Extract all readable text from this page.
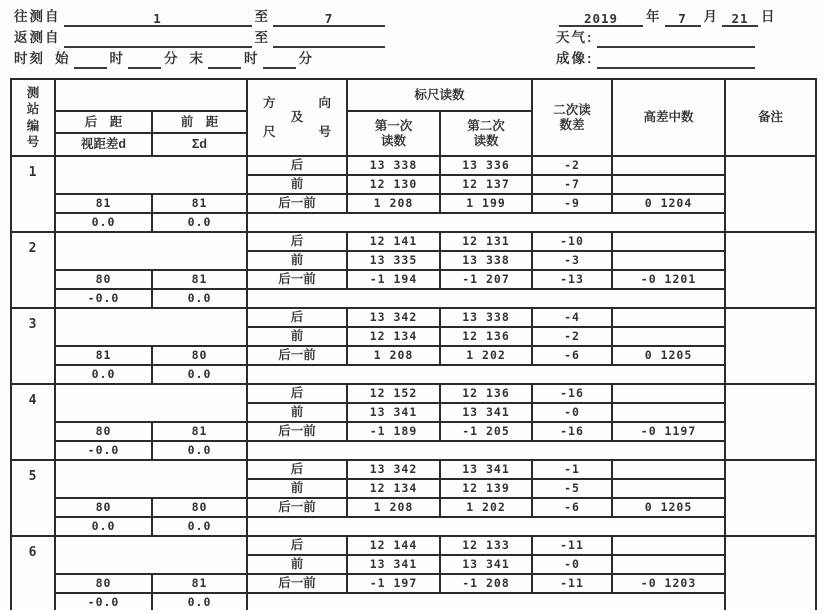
往测自	1	至	7
返测自	至
时刻 始	时	分 末	时	分
2019 年 7 月 21 日
天气:
成像:
测站编号			方 向
及
尺 号	标尺读数		二次读数差	高差中数	备注
	后　距	前　距		第一次读数	第二次读数			

	视距差d	Σd						
1			后	13 338	13 336	-2		
			前	12 130	12 137	-7		
	81	81	后一前	1 208	1 199	-9	0 1204	
	0.0	0.0						
2			后	12 141	12 131	-10		
			前	13 335	13 338	-3		
	80	81	后一前	-1 194	-1 207	-13	-0 1201	
	-0.0	0.0						
3			后	13 342	13 338	-4		
			前	12 134	12 136	-2		
	81	80	后一前	1 208	1 202	-6	0 1205	
	0.0	0.0						
4			后	12 152	12 136	-16		
			前	13 341	13 341	-0		
	80	81	后一前	-1 189	-1 205	-16	-0 1197	
	-0.0	0.0						
5			后	13 342	13 341	-1		
			前	12 134	12 139	-5		
	80	80	后一前	1 208	1 202	-6	0 1205	
	0.0	0.0						
6			后	12 144	12 133	-11		
			前	13 341	13 341	-0		
	80	81	后一前	-1 197	-1 208	-11	-0 1203	
	-0.0	0.0						
